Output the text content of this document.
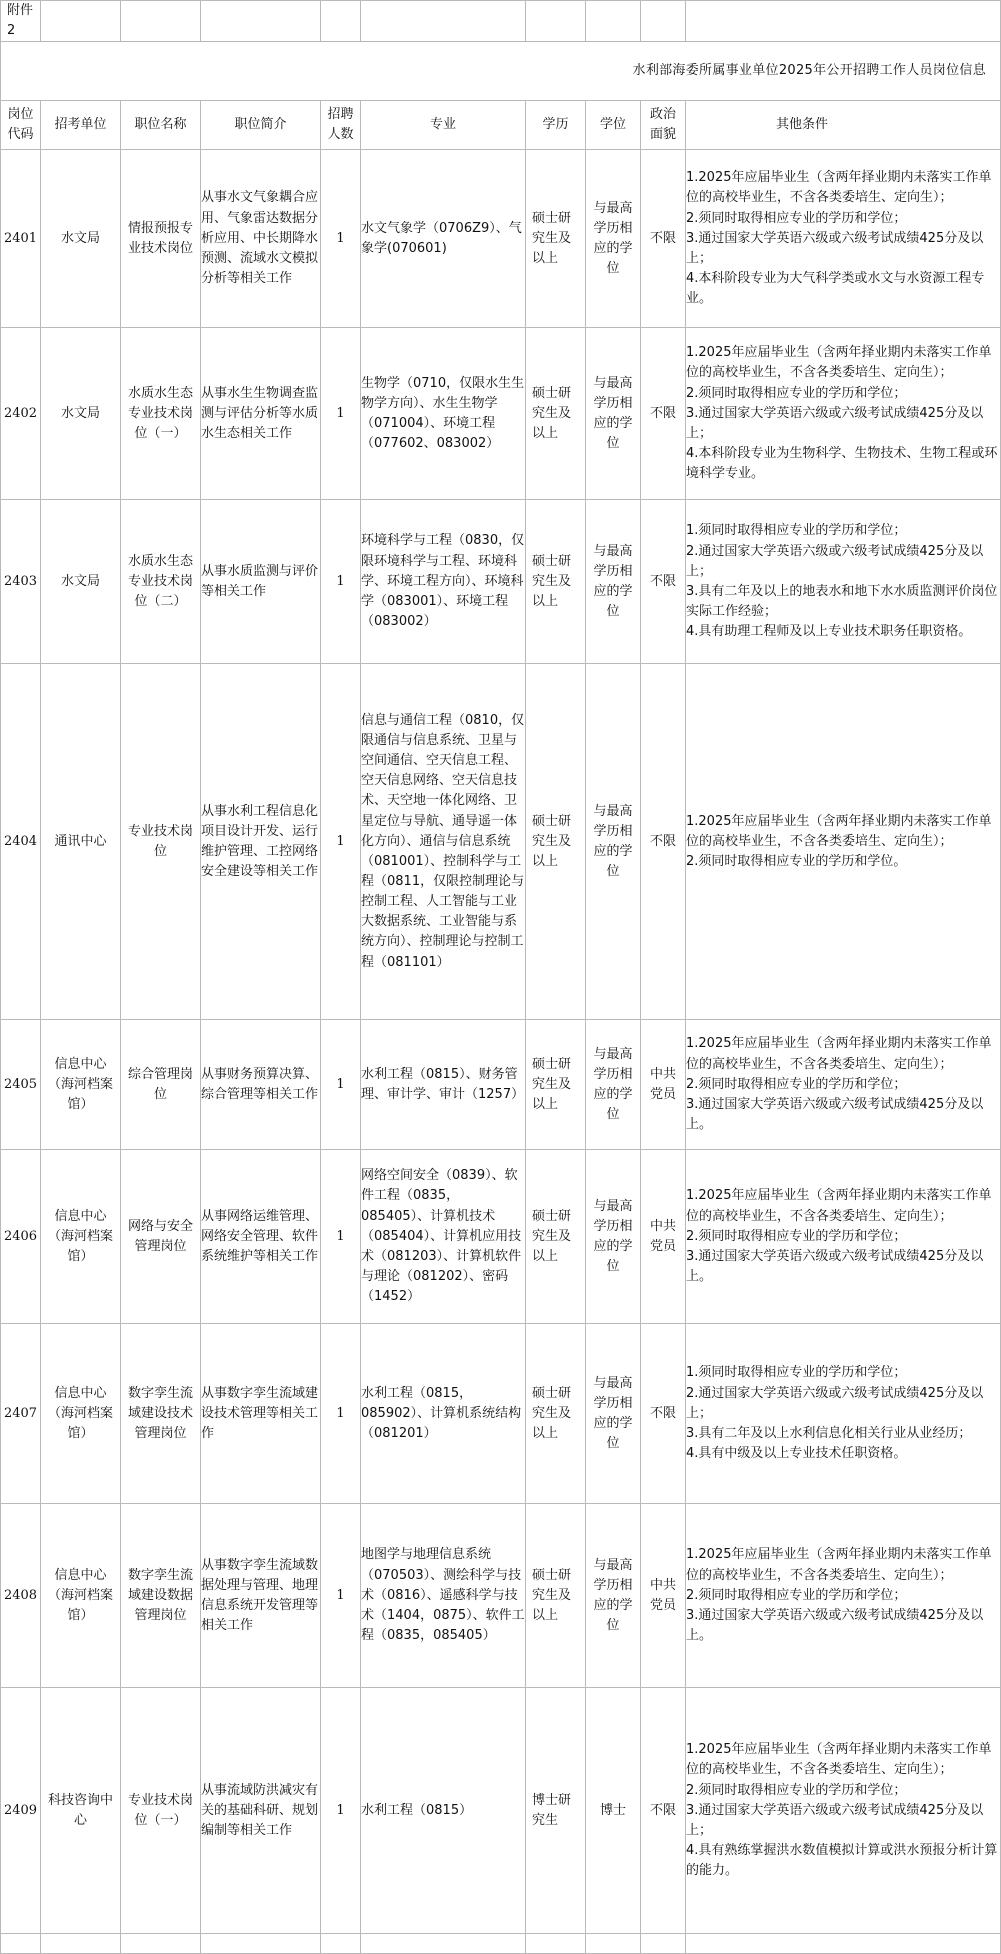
附件2									
水利部海委所属事业单位2025年公开招聘工作人员岗位信息									
岗位代码	招考单位	职位名称	职位简介	招聘人数	专业	学历	学位	政治面貌	其他条件
2401	水文局	情报预报专业技术岗位	从事水文气象耦合应用、气象雷达数据分析应用、中长期降水预测、流域水文模拟分析等相关工作	1	水文气象学（0706Z9）、气象学(070601)	硕士研究生及以上	与最高学历相应的学位	不限	1.2025年应届毕业生（含两年择业期内未落实工作单位的高校毕业生，不含各类委培生、定向生）；
2.须同时取得相应专业的学历和学位；
3.通过国家大学英语六级或六级考试成绩425分及以上；
4.本科阶段专业为大气科学类或水文与水资源工程专业。

2402	水文局	水质水生态专业技术岗位（一）	从事水生生物调查监测与评估分析等水质水生态相关工作	1	生物学（0710，仅限水生生物学方向）、水生生物学（071004）、环境工程（077602、083002）	硕士研究生及以上	与最高学历相应的学位	不限	1.2025年应届毕业生（含两年择业期内未落实工作单位的高校毕业生，不含各类委培生、定向生）；
2.须同时取得相应专业的学历和学位；
3.通过国家大学英语六级或六级考试成绩425分及以上；
4.本科阶段专业为生物科学、生物技术、生物工程或环境科学专业。

2403	水文局	水质水生态专业技术岗位（二）	从事水质监测与评价等相关工作	1	环境科学与工程（0830，仅限环境科学与工程、环境科学、环境工程方向）、环境科学（083001）、环境工程（083002）	硕士研究生及以上	与最高学历相应的学位	不限	1.须同时取得相应专业的学历和学位；
2.通过国家大学英语六级或六级考试成绩425分及以上；
3.具有二年及以上的地表水和地下水水质监测评价岗位实际工作经验；
4.具有助理工程师及以上专业技术职务任职资格。

2404	通讯中心	专业技术岗位	从事水利工程信息化项目设计开发、运行维护管理、工控网络安全建设等相关工作	1	信息与通信工程（0810，仅限通信与信息系统、卫星与空间通信、空天信息工程、空天信息网络、空天信息技术、天空地一体化网络、卫星定位与导航、通导遥一体化方向）、通信与信息系统（081001）、控制科学与工程（0811，仅限控制理论与控制工程、人工智能与工业大数据系统、工业智能与系统方向）、控制理论与控制工程（081101）	硕士研究生及以上	与最高学历相应的学位	不限	1.2025年应届毕业生（含两年择业期内未落实工作单位的高校毕业生，不含各类委培生、定向生）；
2.须同时取得相应专业的学历和学位。

2405	信息中心（海河档案馆）	综合管理岗位	从事财务预算决算、综合管理等相关工作	1	水利工程（0815）、财务管理、审计学、审计（1257）	硕士研究生及以上	与最高学历相应的学位	中共党员	1.2025年应届毕业生（含两年择业期内未落实工作单位的高校毕业生，不含各类委培生、定向生）；
2.须同时取得相应专业的学历和学位；
3.通过国家大学英语六级或六级考试成绩425分及以上。

2406	信息中心（海河档案馆）	网络与安全管理岗位	从事网络运维管理、网络安全管理、软件系统维护等相关工作	1	网络空间安全（0839）、软件工程（0835，085405）、计算机技术（085404）、计算机应用技术（081203）、计算机软件与理论（081202）、密码（1452）	硕士研究生及以上	与最高学历相应的学位	中共党员	1.2025年应届毕业生（含两年择业期内未落实工作单位的高校毕业生，不含各类委培生、定向生）；
2.须同时取得相应专业的学历和学位；
3.通过国家大学英语六级或六级考试成绩425分及以上。

2407	信息中心（海河档案馆）	数字孪生流域建设技术管理岗位	从事数字孪生流域建设技术管理等相关工作	1	水利工程（0815，085902）、计算机系统结构（081201）	硕士研究生及以上	与最高学历相应的学位	不限	1.须同时取得相应专业的学历和学位；
2.通过国家大学英语六级或六级考试成绩425分及以上；
3.具有二年及以上水利信息化相关行业从业经历；
4.具有中级及以上专业技术任职资格。

2408	信息中心（海河档案馆）	数字孪生流域建设数据管理岗位	从事数字孪生流域数据处理与管理、地理信息系统开发管理等相关工作	1	地图学与地理信息系统（070503）、测绘科学与技术（0816）、遥感科学与技术（1404，0875）、软件工程（0835，085405）	硕士研究生及以上	与最高学历相应的学位	中共党员	1.2025年应届毕业生（含两年择业期内未落实工作单位的高校毕业生，不含各类委培生、定向生）；
2.须同时取得相应专业的学历和学位；
3.通过国家大学英语六级或六级考试成绩425分及以上。

2409	科技咨询中心	专业技术岗位（一）	从事流域防洪减灾有关的基础科研、规划编制等相关工作	1	水利工程（0815）	博士研究生	博士	不限	1.2025年应届毕业生（含两年择业期内未落实工作单位的高校毕业生，不含各类委培生、定向生）；
2.须同时取得相应专业的学历和学位；
3.通过国家大学英语六级或六级考试成绩425分及以上；
4.具有熟练掌握洪水数值模拟计算或洪水预报分析计算的能力。
